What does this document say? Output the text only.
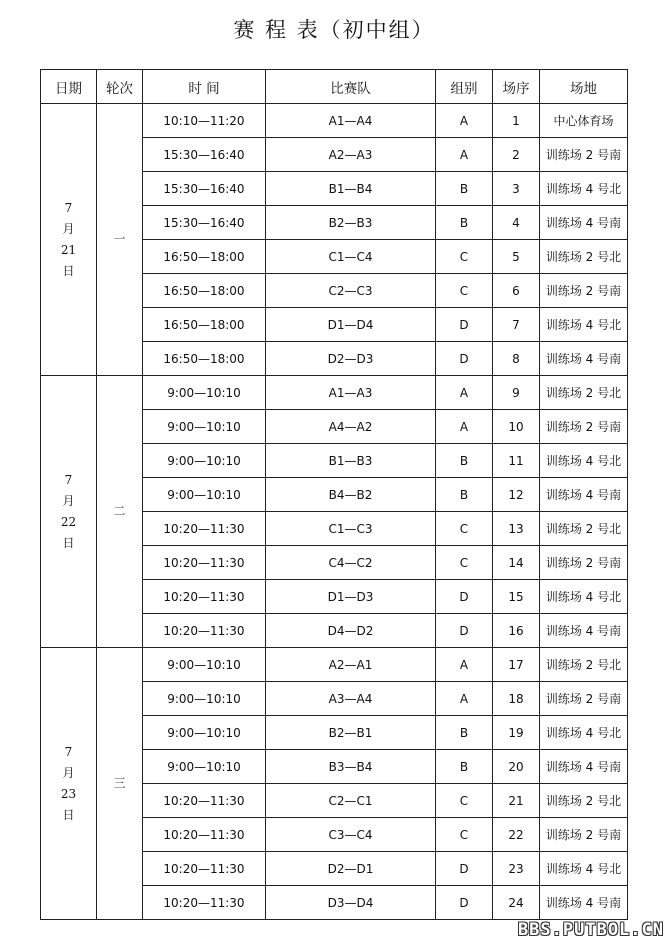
赛 程 表（初中组）
日期	轮次	时 间	比赛队	组别	场序	场地

7
月
21
日	一	10:10—11:20	A1—A4	A	1	中心体育场
		15:30—16:40	A2—A3	A	2	训练场 2 号南
		15:30—16:40	B1—B4	B	3	训练场 4 号北
		15:30—16:40	B2—B3	B	4	训练场 4 号南
		16:50—18:00	C1—C4	C	5	训练场 2 号北
		16:50—18:00	C2—C3	C	6	训练场 2 号南
		16:50—18:00	D1—D4	D	7	训练场 4 号北
		16:50—18:00	D2—D3	D	8	训练场 4 号南

7
月
22
日	二	9:00—10:10	A1—A3	A	9	训练场 2 号北
		9:00—10:10	A4—A2	A	10	训练场 2 号南
		9:00—10:10	B1—B3	B	11	训练场 4 号北
		9:00—10:10	B4—B2	B	12	训练场 4 号南
		10:20—11:30	C1—C3	C	13	训练场 2 号北
		10:20—11:30	C4—C2	C	14	训练场 2 号南
		10:20—11:30	D1—D3	D	15	训练场 4 号北
		10:20—11:30	D4—D2	D	16	训练场 4 号南

7
月
23
日	三	9:00—10:10	A2—A1	A	17	训练场 2 号北
		9:00—10:10	A3—A4	A	18	训练场 2 号南
		9:00—10:10	B2—B1	B	19	训练场 4 号北
		9:00—10:10	B3—B4	B	20	训练场 4 号南
		10:20—11:30	C2—C1	C	21	训练场 2 号北
		10:20—11:30	C3—C4	C	22	训练场 2 号南
		10:20—11:30	D2—D1	D	23	训练场 4 号北
		10:20—11:30	D3—D4	D	24	训练场 4 号南
BBS.PUTBOL.CN
